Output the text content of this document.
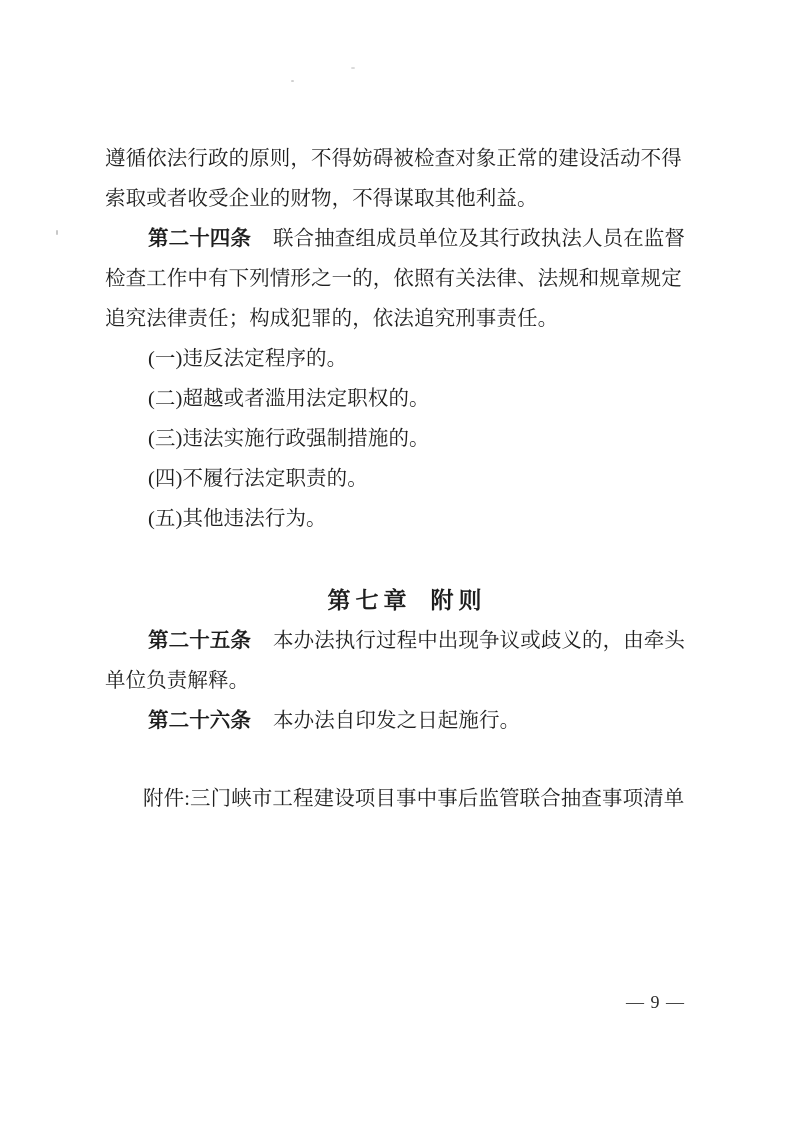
遵循依法行政的原则，不得妨碍被检查对象正常的建设活动不得
索取或者收受企业的财物，不得谋取其他利益。
第二十四条 联合抽查组成员单位及其行政执法人员在监督
检查工作中有下列情形之一的，依照有关法律、法规和规章规定
追究法律责任；构成犯罪的，依法追究刑事责任。
(一)违反法定程序的。
(二)超越或者滥用法定职权的。
(三)违法实施行政强制措施的。
(四)不履行法定职责的。
(五)其他违法行为。
第七章 附则
第二十五条 本办法执行过程中出现争议或歧义的，由牵头
单位负责解释。
第二十六条 本办法自印发之日起施行。
附件:三门峡市工程建设项目事中事后监管联合抽查事项清单
— 9 —
